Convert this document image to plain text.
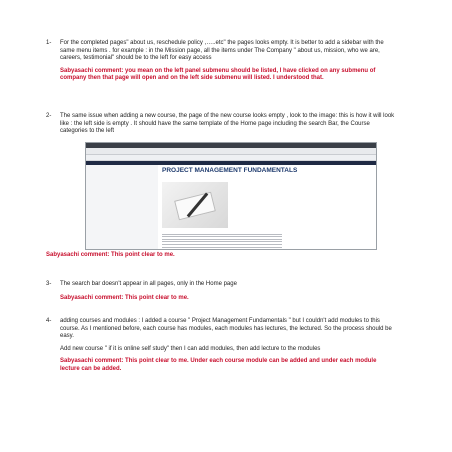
1- For the completed pages" about us, reschedule policy ,…..etc" the pages looks empty. It is better to add a sidebar with the same menu items . for example : in the Mission page, all the items under The Company " about us, mission, who we are, careers, testimonial" should be to the left for easy access

Sabyasachi comment: you mean on the left panel submenu should be listed, I have clicked on any submenu of company then that page will open and on the left side submenu will listed. I understood that.

2- The same issue when adding a new course, the page of the new course looks empty , look to the image: this is how it will look like : the left side is empty . It should have the same template of the Home page including the search Bar, the Course categories to the left

PROJECT MANAGEMENT FUNDAMENTALS

Sabyasachi comment: This point clear to me.

3- The search bar doesn't appear in all pages, only in the Home page

Sabyasachi comment: This point clear to me.

4- adding courses and modules : I added a course " Project Management Fundamentals " but I couldn't add modules to this course. As I mentioned before, each course has modules, each modules has lectures, the lectured. So the process should be easy.

Add new course " if it is online self study" then I can add modules, then add lecture to the modules

Sabyasachi comment: This point clear to me. Under each course module can be added and under each module lecture can be added.
